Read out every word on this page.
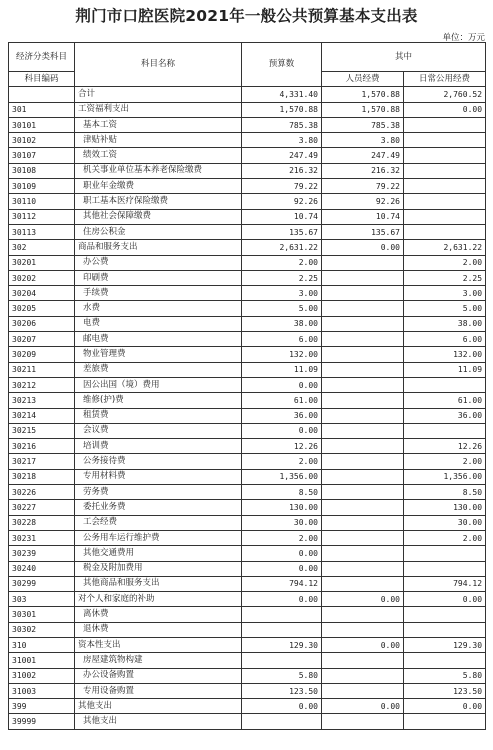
荆门市口腔医院2021年一般公共预算基本支出表
单位：万元
经济分类科目	科目名称	预算数	其中	
科目编码			人员经费	日常公用经费
	合计	4,331.40	1,570.88	2,760.52
301	工资福利支出	1,570.88	1,570.88	0.00
30101	基本工资	785.38	785.38	
30102	津贴补贴	3.80	3.80	
30107	绩效工资	247.49	247.49	
30108	机关事业单位基本养老保险缴费	216.32	216.32	
30109	职业年金缴费	79.22	79.22	
30110	职工基本医疗保险缴费	92.26	92.26	
30112	其他社会保障缴费	10.74	10.74	
30113	住房公积金	135.67	135.67	
302	商品和服务支出	2,631.22	0.00	2,631.22
30201	办公费	2.00		2.00
30202	印刷费	2.25		2.25
30204	手续费	3.00		3.00
30205	水费	5.00		5.00
30206	电费	38.00		38.00
30207	邮电费	6.00		6.00
30209	物业管理费	132.00		132.00
30211	差旅费	11.09		11.09
30212	因公出国（境）费用	0.00		
30213	维修(护)费	61.00		61.00
30214	租赁费	36.00		36.00
30215	会议费	0.00		
30216	培训费	12.26		12.26
30217	公务接待费	2.00		2.00
30218	专用材料费	1,356.00		1,356.00
30226	劳务费	8.50		8.50
30227	委托业务费	130.00		130.00
30228	工会经费	30.00		30.00
30231	公务用车运行维护费	2.00		2.00
30239	其他交通费用	0.00		
30240	税金及附加费用	0.00		
30299	其他商品和服务支出	794.12		794.12
303	对个人和家庭的补助	0.00	0.00	0.00
30301	离休费			
30302	退休费			
310	资本性支出	129.30	0.00	129.30
31001	房屋建筑物构建			
31002	办公设备购置	5.80		5.80
31003	专用设备购置	123.50		123.50
399	其他支出	0.00	0.00	0.00
39999	其他支出			
